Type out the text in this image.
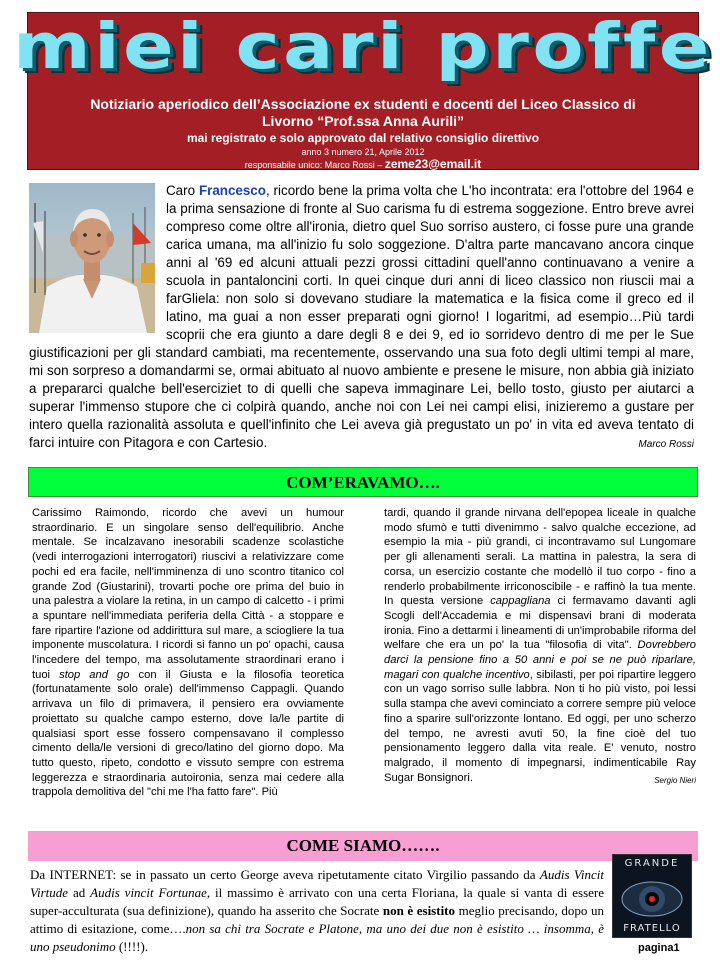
miei cari proffe
Notiziario aperiodico dell’Associazione ex studenti e docenti del Liceo Classico di
Livorno “Prof.ssa Anna Aurili”
mai registrato e solo approvato dal relativo consiglio direttivo
anno 3 numero 21, Aprile 2012
responsabile unico: Marco Rossi – zeme23@email.it
Caro Francesco, ricordo bene la prima volta che L'ho incontrata: era l'ottobre del 1964 e la prima sensazione di fronte al Suo carisma fu di estrema soggezione. Entro breve avrei compreso come oltre all'ironia, dietro quel Suo sorriso austero, ci fosse pure una grande carica umana, ma all'inizio fu solo soggezione. D'altra parte mancavano ancora cinque anni al '69 ed alcuni attuali pezzi grossi cittadini quell'anno continuavano a venire a scuola in pantaloncini corti. In quei cinque duri anni di liceo classico non riuscii mai a farGliela: non solo si dovevano studiare la matematica e la fisica come il greco ed il latino, ma guai a non esser preparati ogni giorno! I logaritmi, ad esempio…Più tardi scoprii che era giunto a dare degli 8 e dei 9, ed io sorridevo dentro di me per le Sue giustificazioni per gli standard cambiati, ma recentemente, osservando una sua foto degli ultimi tempi al mare, mi son sorpreso a domandarmi se, ormai abituato al nuovo ambiente e presene le misure, non abbia già iniziato a prepararci qualche bell'eserciziet to di quelli che sapeva immaginare Lei, bello tosto, giusto per aiutarci a superar l'immenso stupore che ci colpirà quando, anche noi con Lei nei campi elisi, inizieremo a gustare per intero quella razionalità assoluta e quell'infinito che Lei aveva già pregustato un po' in vita ed aveva tentato di farci intuire con Pitagora e con Cartesio.	Marco Rossi
COM’ERAVAMO….
Carissimo Raimondo, ricordo che avevi un humour straordinario. E un singolare senso dell'equilibrio. Anche mentale. Se incalzavano inesorabili scadenze scolastiche (vedi interrogazioni interrogatori) riuscivi a relativizzare come pochi ed era facile, nell'imminenza di uno scontro titanico col grande Zod (Giustarini), trovarti poche ore prima del buio in una palestra a violare la retina, in un campo di calcetto - i primi a spuntare nell'immediata periferia della Città - a stoppare e fare ripartire l'azione od addirittura sul mare, a sciogliere la tua imponente muscolatura. I ricordi si fanno un po' opachi, causa l'incedere del tempo, ma assolutamente straordinari erano i tuoi stop and go con il Giusta e la filosofia teoretica (fortunatamente solo orale) dell'immenso Cappagli. Quando arrivava un filo di primavera, il pensiero era ovviamente proiettato su qualche campo esterno, dove la/le partite di qualsiasi sport esse fossero compensavano il complesso cimento della/le versioni di greco/latino del giorno dopo. Ma tutto questo, ripeto, condotto e vissuto sempre con estrema leggerezza e straordinaria autoironia, senza mai cedere alla trappola demolitiva del "chi me l'ha fatto fare". Più
tardi, quando il grande nirvana dell'epopea liceale in qualche modo sfumò e tutti divenimmo - salvo qualche eccezione, ad esempio la mia - più grandi, ci incontravamo sul Lungomare per gli allenamenti serali. La mattina in palestra, la sera di corsa, un esercizio costante che modellò il tuo corpo - fino a renderlo probabilmente irriconoscibile - e raffinò la tua mente. In questa versione cappagliana ci fermavamo davanti agli Scogli dell'Accademia e mi dispensavi brani di moderata ironia. Fino a dettarmi i lineamenti di un'improbabile riforma del welfare che era un po' la tua "filosofia di vita". Dovrebbero darci la pensione fino a 50 anni e poi se ne può riparlare, magari con qualche incentivo, sibilasti, per poi ripartire leggero con un vago sorriso sulle labbra. Non ti ho più visto, poi lessi sulla stampa che avevi cominciato a correre sempre più veloce fino a sparire sull'orizzonte lontano. Ed oggi, per uno scherzo del tempo, ne avresti avuti 50, la fine cioè del tuo pensionamento leggero dalla vita reale. E' venuto, nostro malgrado, il momento di impegnarsi, indimenticabile Ray Sugar Bonsignori.	Sergio Nieri
COME SIAMO…….
Da INTERNET: se in passato un certo George aveva ripetutamente citato Virgilio passando da Audis Vincit Virtude ad Audis vincit Fortunae, il massimo è arrivato con una certa Floriana, la quale si vanta di essere super-acculturata (sua definizione), quando ha asserito che Socrate non è esistito meglio precisando, dopo un attimo di esitazione, come….non sa chi tra Socrate e Platone, ma uno dei due non è esistito … insomma, è uno pseudonimo (!!!!).
GRANDE
FRATELLO
pagina1
